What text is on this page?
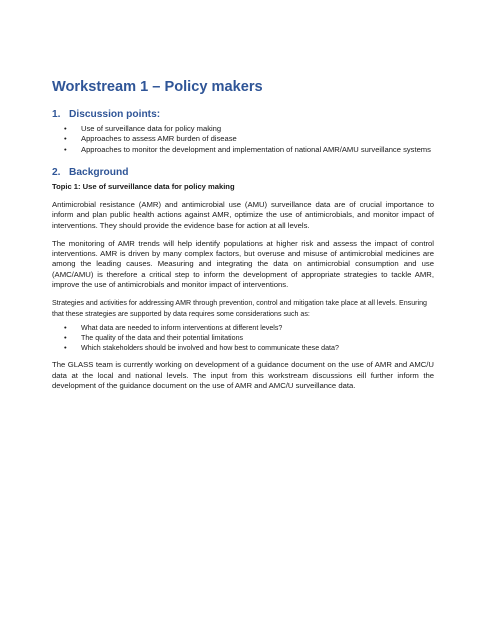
Workstream 1 – Policy makers
1. Discussion points:
• Use of surveillance data for policy making
• Approaches to assess AMR burden of disease
• Approaches to monitor the development and implementation of national AMR/AMU surveillance systems
2. Background
Topic 1: Use of surveillance data for policy making

Antimicrobial resistance (AMR) and antimicrobial use (AMU) surveillance data are of crucial importance to inform and plan public health actions against AMR, optimize the use of antimicrobials, and monitor impact of interventions. They should provide the evidence base for action at all levels.

The monitoring of AMR trends will help identify populations at higher risk and assess the impact of control interventions. AMR is driven by many complex factors, but overuse and misuse of antimicrobial medicines are among the leading causes. Measuring and integrating the data on antimicrobial consumption and use (AMC/AMU) is therefore a critical step to inform the development of appropriate strategies to tackle AMR, improve the use of antimicrobials and monitor impact of interventions.

Strategies and activities for addressing AMR through prevention, control and mitigation take place at all levels. Ensuring that these strategies are supported by data requires some considerations such as:

• What data are needed to inform interventions at different levels?
• The quality of the data and their potential limitations
• Which stakeholders should be involved and how best to communicate these data?

The GLASS team is currently working on development of a guidance document on the use of AMR and AMC/U data at the local and national levels. The input from this workstream discussions eill further inform the development of the guidance document on the use of AMR and AMC/U surveillance data.
